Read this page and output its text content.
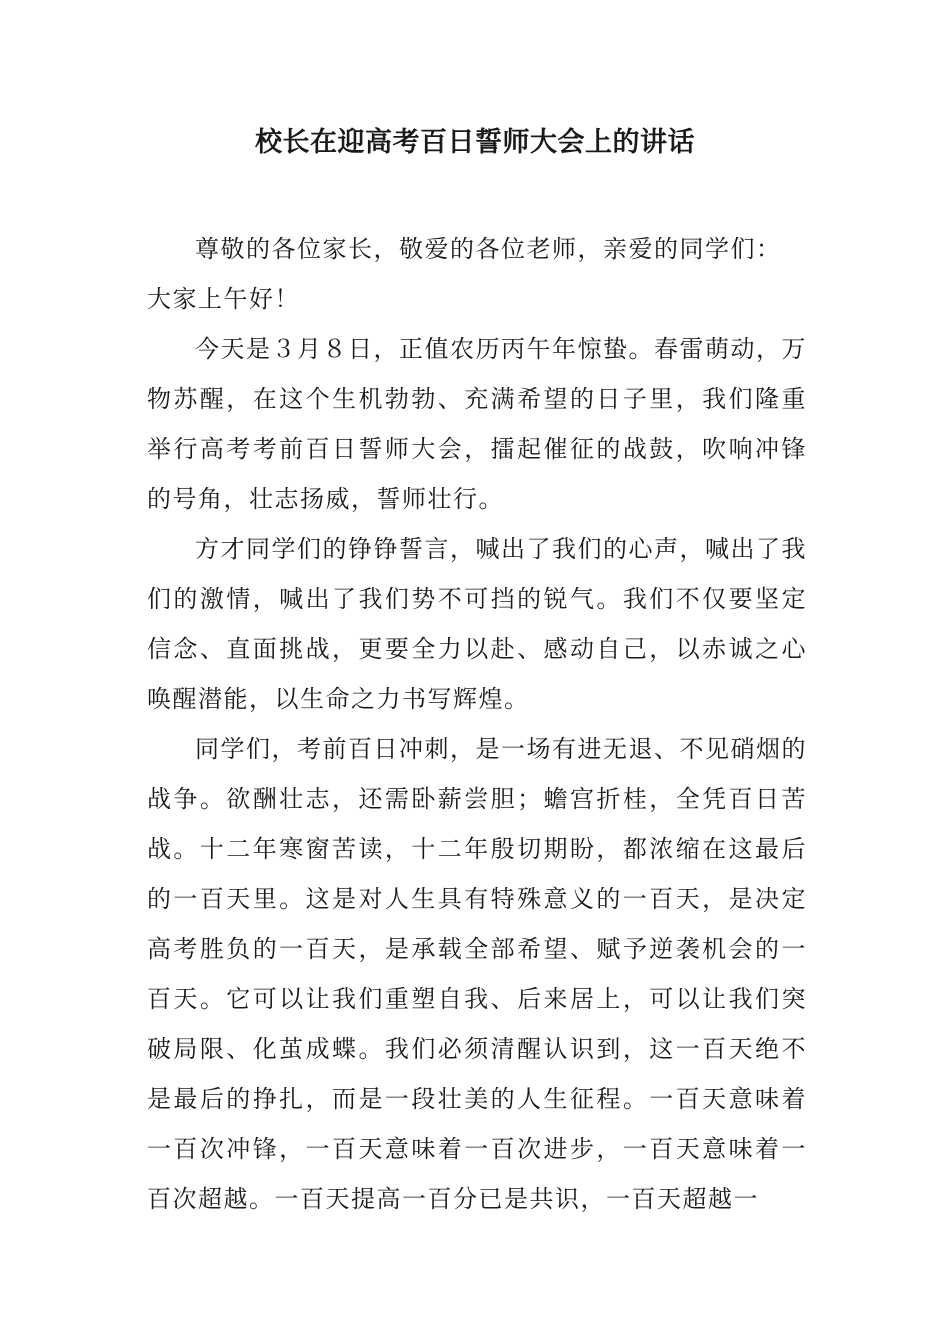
校长在迎高考百日誓师大会上的讲话

尊敬的各位家长，敬爱的各位老师，亲爱的同学们：

大家上午好！

今天是３月８日，正值农历丙午年惊蛰。春雷萌动，万物苏醒，在这个生机勃勃、充满希望的日子里，我们隆重举行高考考前百日誓师大会，擂起催征的战鼓，吹响冲锋的号角，壮志扬威，誓师壮行。

方才同学们的铮铮誓言，喊出了我们的心声，喊出了我们的激情，喊出了我们势不可挡的锐气。我们不仅要坚定信念、直面挑战，更要全力以赴、感动自己，以赤诚之心唤醒潜能，以生命之力书写辉煌。

同学们，考前百日冲刺，是一场有进无退、不见硝烟的战争。欲酬壮志，还需卧薪尝胆；蟾宫折桂，全凭百日苦战。十二年寒窗苦读，十二年殷切期盼，都浓缩在这最后的一百天里。这是对人生具有特殊意义的一百天，是决定高考胜负的一百天，是承载全部希望、赋予逆袭机会的一百天。它可以让我们重塑自我、后来居上，可以让我们突破局限、化茧成蝶。我们必须清醒认识到，这一百天绝不是最后的挣扎，而是一段壮美的人生征程。一百天意味着一百次冲锋，一百天意味着一百次进步，一百天意味着一百次超越。一百天提高一百分已是共识，一百天超越一
